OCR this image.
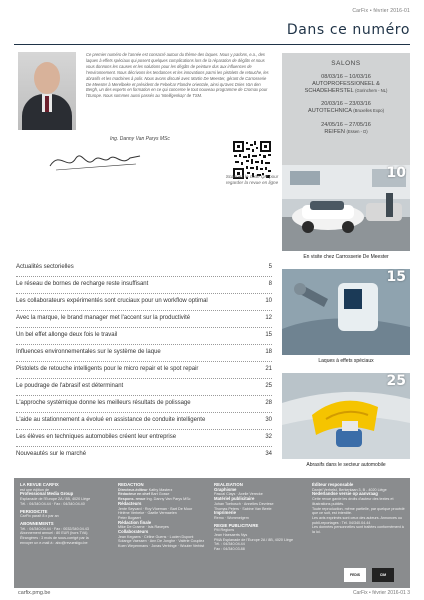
CarFix • février 2016-01
Dans ce numéro
Ce premier numéro de l'année est consacré autour du thème des laques. Nous y parlons, e.a., des laques à effets spéciaux qui posent quelques complications lors de la réparation de dégâts et nous vous donnons les causes et les solutions pour les dégâts de peinture dus aux influences de l'environnement. Nous décrivons les tendances et les innovations parmi les pistolets de retouche, les abrasifs et les machines à polir. Nous avons discuté avec Martin De Meester, gérant de Carrosserie De Meester à Merelbeke et président de Febelcar Flandre orientale, ainsi qu'avec Dries Van den Bergh, un des experts en formation en ce qui concerne le tout nouveau programme de Cromax pour l'Europe. Nous sommes aussi passés au 'Intelligenkap' de TSM.
Ing. Danny Van Parys MSc
Scannez le code QR pour regarder la revue en ligne
SALONS
08/03/16 – 10/03/16
AUTOPROFESSIONEEL &
SCHADEHERSTEL (Gorinchem - NL)
20/03/16 – 23/03/16
AUTOTECHNICA (Bruxelles Expo)
24/05/16 – 27/05/16
REIFEN (Essen - D)
10
En visite chez Carrosserie De Meester
15
Laques à effets spéciaux
25
Abrasifs dans le secteur automobile
Actualités sectorielles	5
Le réseau de bornes de recharge reste insuffisant	8
Les collaborateurs expérimentés sont cruciaux pour un workflow optimal	10
Avec la marque, le brand manager met l'accent sur la productivité	12
Un bel effet allonge deux fois le travail	15
Influences environnementales sur le système de laque	18
Pistolets de retouche intelligents pour le micro repair et le spot repair	21
Le poudrage de l'abrasif est déterminant	25
L'approche systémique donne les meilleurs résultats de polissage	28
L'aide au stationnement a évolué en assistance de conduite intelligente	30
Les élèves en techniques automobiles créent leur entreprise	32
Nouveautés sur le marché	34
LA REVUE CARFIX
est une édition de
Professional Media Group
Esplanade de l'Europe 2A / 8B, 4020 Liège
Tél. : 04/340.04.44 · Fax : 04/340.04.40
PERIODICITE
CarFix paraît 8 x par an
ABONNEMENTS
Tél. : 04/340.04.44 · Fax : 0032/340.04.43
Abonnement annuel : 80 EUR (hors TVA)
Étrangères : 3 mois de sous-corrigé par la
envoyer un e-mail à : abo@revuestigo.be
REDACTION
Directeur-éditeur Kathy Masterz
Rédacteur en chef Bart Gosse
Respons. revue Ing. Danny Van Parys MSc
Rédacteurs
Jente Seyvard · Roy Vloeman · Bart De Moor
Hélène Verbeke · Gaelle Vermaelen
Peter Bogaert
Rédaction finale
Mike De Craene · Isis Raveyes
Collaborateurs
Jean Kegaers · Céline Guens · Lucien Dupont
Solange Vaessen · Ann De Jonghe · Valérie Couplez
Koen Weyenmans · Jonas Verbinge · Wouter Verbist
REALISATION
Graphisme
Pascal Clays · Axelle Verecke
Matériel publicitaire
Johan Toebosch · Annelies Devriese
Thomas Peters · Sabine Van Beele
Imprimerie
Remo · Wommelgem
REGIE PUBLICITAIRE
PM Regions
Jean Haesaerts Nys
PMA Esplanade de l'Europe 2A / 8B, 4020 Liège
Tél. : 04/340.04.44
Fax : 04/340.03.88
Éditeur responsable
Daniel Verhelst, Berkenlaan 3, B - 4020 Liège
Nederlandse versie op aanvraag
Cette revue garde les droits d'auteur des textes et illustrations publiés.
Toute reproduction, même partielle, par quelque procédé que ce soit, est interdite.
Les avis exprimés sont ceux des auteurs. Annonces ou publi-reportages : Tél. 04/340.04.44
Les données personnelles sont traitées conformément à la loi.
FEDIS	CIM
carfix.pmg.be	CarFix • février 2016-01 3
